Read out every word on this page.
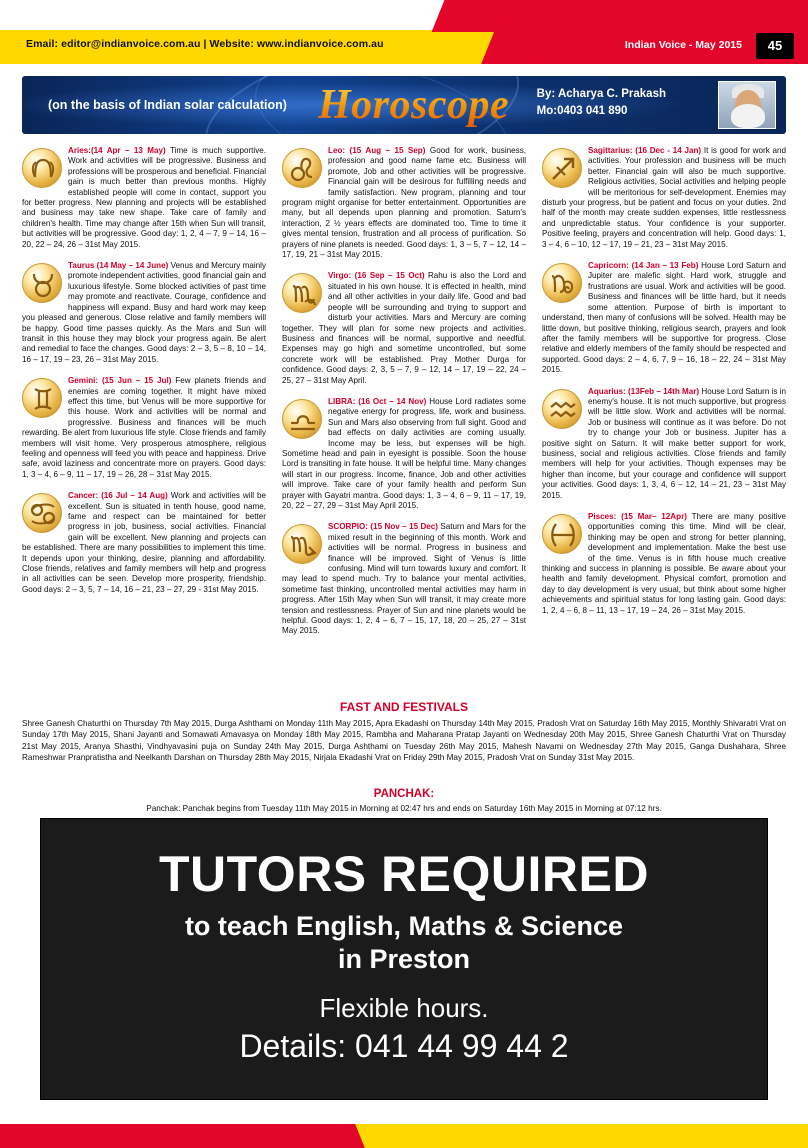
Email: editor@indianvoice.com.au | Website: www.indianvoice.com.au	Indian Voice - May 2015	45
(on the basis of Indian solar calculation) Horoscope By: Acharya C. Prakash
Mo:0403 041 890
Aries:(14 Apr – 13 May) Time is much supportive. Work and activities will be progressive. Business and professions will be prosperous and beneficial. Financial gain is much better than previous months. Highly established people will come in contact, support you for better progress. New planning and projects will be established and business may take new shape. Take care of family and children's health. Time may change after 15th when Sun will transit, but activities will be progressive. Good day: 1, 2, 4 – 7, 9 – 14, 16 – 20, 22 – 24, 26 – 31st May 2015.
Taurus (14 May – 14 June) Venus and Mercury mainly promote independent activities, good financial gain and luxurious lifestyle. Some blocked activities of past time may promote and reactivate. Courage, confidence and happiness will expand. Busy and hard work may keep you pleased and generous. Close relative and family members will be happy. Good time passes quickly. As the Mars and Sun will transit in this house they may block your progress again. Be alert and remedial to face the changes. Good days: 2 – 3, 5 – 8, 10 – 14, 16 – 17, 19 – 23, 26 – 31st May 2015.
Gemini: (15 Jun – 15 Jul) Few planets friends and enemies are coming together. It might have mixed effect this time, but Venus will be more supportive for this house. Work and activities will be normal and progressive. Business and finances will be much rewarding. Be alert from luxurious life style. Close friends and family members will visit home. Very prosperous atmosphere, religious feeling and openness will feed you with peace and happiness. Drive safe, avoid laziness and concentrate more on prayers. Good days: 1, 3 – 4, 6 – 9, 11 – 17, 19 – 26, 28 – 31st May 2015.
Cancer: (16 Jul – 14 Aug) Work and activities will be excellent. Sun is situated in tenth house, good name, fame and respect can be maintained for better progress in job, business, social activities. Financial gain will be excellent. New planning and projects can be established. There are many possibilities to implement this time. It depends upon your thinking, desire, planning and affordability. Close friends, relatives and family members will help and progress in all activities can be seen. Develop more prosperity, friendship. Good days: 2 – 3, 5, 7 – 14, 16 – 21, 23 – 27, 29 - 31st May 2015.
Leo: (15 Aug – 15 Sep) Good for work, business, profession and good name fame etc. Business will promote, Job and other activities will be progressive. Financial gain will be desirous for fulfilling needs and family satisfaction. New program, planning and tour program might organise for better entertainment. Opportunities are many, but all depends upon planning and promotion. Saturn's interaction, 2 ½ years effects are dominated too. Time to time it gives mental tension, frustration and all process of purification. So prayers of nine planets is needed. Good days: 1, 3 – 5, 7 – 12, 14 – 17, 19, 21 – 31st May 2015.
Virgo: (16 Sep – 15 Oct) Rahu is also the Lord and situated in his own house. It is effected in health, mind and all other activities in your daily life. Good and bad people will be surrounding and trying to support and disturb your activities. Mars and Mercury are coming together. They will plan for some new projects and activities. Business and finances will be normal, supportive and needful. Expenses may go high and sometime uncontrolled, but some concrete work will be established. Pray Mother Durga for confidence. Good days: 2, 3, 5 – 7, 9 – 12, 14 – 17, 19 – 22, 24 – 25, 27 – 31st May April.
LIBRA: (16 Oct – 14 Nov) House Lord radiates some negative energy for progress, life, work and business. Sun and Mars also observing from full sight. Good and bad effects on daily activities are coming usually. Income may be less, but expenses will be high. Sometime head and pain in eyesight is possible. Soon the house Lord is transiting in fate house. It will be helpful time. Many changes will start in our progress. Income, finance, Job and other activities will improve. Take care of your family health and perform Sun prayer with Gayatri mantra. Good days: 1, 3 – 4, 6 – 9, 11 – 17, 19, 20, 22 – 27, 29 – 31st May April 2015.
SCORPIO: (15 Nov – 15 Dec) Saturn and Mars for the mixed result in the beginning of this month. Work and activities will be normal. Progress in business and finance will be improved. Sight of Venus is little confusing. Mind will turn towards luxury and comfort. It may lead to spend much. Try to balance your mental activities, sometime fast thinking, uncontrolled mental activities may harm in progress. After 15th May when Sun will transit, it may create more tension and restlessness. Prayer of Sun and nine planets would be helpful. Good days: 1, 2, 4 – 6, 7 – 15, 17, 18, 20 – 25, 27 – 31st May 2015.
Sagittarius: (16 Dec - 14 Jan) It is good for work and activities. Your profession and business will be much better. Financial gain will also be much supportive. Religious activities, Social activities and helping people will be meritorious for self-development. Enemies may disturb your progress, but be patient and focus on your duties. 2nd half of the month may create sudden expenses, little restlessness and unpredictable status. Your confidence is your supporter. Positive feeling, prayers and concentration will help. Good days: 1, 3 – 4, 6 – 10, 12 – 17, 19 – 21, 23 – 31st May 2015.
Capricorn: (14 Jan – 13 Feb) House Lord Saturn and Jupiter are malefic sight. Hard work, struggle and frustrations are usual. Work and activities will be good. Business and finances will be little hard, but it needs some attention. Purpose of birth is important to understand, then many of confusions will be solved. Health may be little down, but positive thinking, religious search, prayers and look after the family members will be supportive for progress. Close relative and elderly members of the family should be respected and supported. Good days: 2 – 4, 6, 7, 9 – 16, 18 – 22, 24 – 31st May 2015.
Aquarius: (13Feb – 14th Mar) House Lord Saturn is in enemy's house. It is not much supportive, but progress will be little slow. Work and activities will be normal. Job or business will continue as it was before. Do not try to change your Job or business. Jupiter has a positive sight on Saturn. It will make better support for work, business, social and religious activities. Close friends and family members will help for your activities. Though expenses may be higher than income, but your courage and confidence will support your activities. Good days: 1, 3, 4, 6 – 12, 14 – 21, 23 – 31st May 2015.
Pisces: (15 Mar– 12Apr) There are many positive opportunities coming this time. Mind will be clear, thinking may be open and strong for better planning, development and implementation. Make the best use of the time. Venus is in fifth house much creative thinking and success in planning is possible. Be aware about your health and family development. Physical comfort, promotion and day to day development is very usual, but think about some higher achievements and spiritual status for long lasting gain. Good days: 1, 2, 4 – 6, 8 – 11, 13 – 17, 19 – 24, 26 – 31st May 2015.
FAST AND FESTIVALS
Shree Ganesh Chaturthi on Thursday 7th May 2015, Durga Ashthami on Monday 11th May 2015, Apra Ekadashi on Thursday 14th May 2015, Pradosh Vrat on Saturday 16th May 2015, Monthly Shivaratri Vrat on Sunday 17th May 2015, Shani Jayanti and Somawati Amavasya on Monday 18th May 2015, Rambha and Maharana Pratap Jayanti on Wednesday 20th May 2015, Shree Ganesh Chaturthi Vrat on Thursday 21st May 2015, Aranya Shasthi, Vindhyavasini puja on Sunday 24th May 2015, Durga Ashthami on Tuesday 26th May 2015, Mahesh Navami on Wednesday 27th May 2015, Ganga Dushahara, Shree Rameshwar Pranpratistha and Neelkanth Darshan on Thursday 28th May 2015, Nirjala Ekadashi Vrat on Friday 29th May 2015, Pradosh Vrat on Sunday 31st May 2015.
PANCHAK:
Panchak: Panchak begins from Tuesday 11th May 2015 in Morning at 02:47 hrs and ends on Saturday 16th May 2015 in Morning at 07:12 hrs.
TUTORS REQUIRED
to teach English, Maths & Science
in Preston
Flexible hours.
Details: 041 44 99 44 2
